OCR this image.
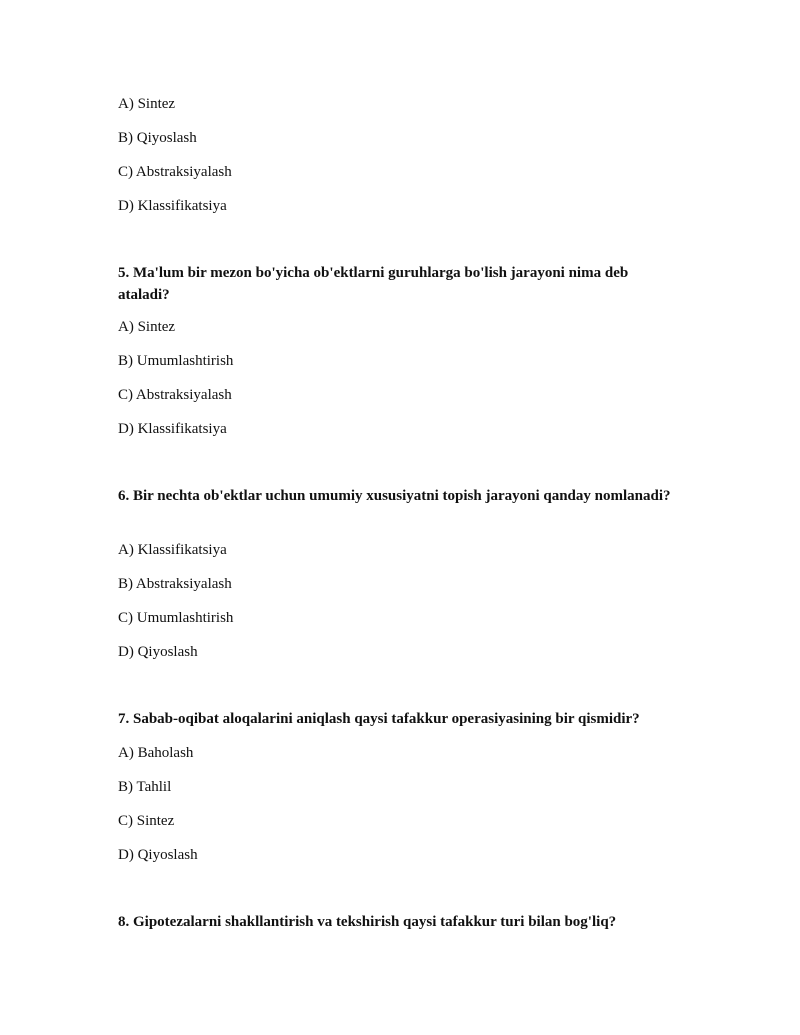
A) Sintez
B) Qiyoslash
C) Abstraksiyalash
D) Klassifikatsiya
5. Ma'lum bir mezon bo'yicha ob'ektlarni guruhlarga bo'lish jarayoni nima deb ataladi?
A) Sintez
B) Umumlashtirish
C) Abstraksiyalash
D) Klassifikatsiya
6. Bir nechta ob'ektlar uchun umumiy xususiyatni topish jarayoni qanday nomlanadi?
A) Klassifikatsiya
B) Abstraksiyalash
C) Umumlashtirish
D) Qiyoslash
7. Sabab-oqibat aloqalarini aniqlash qaysi tafakkur operasiyasining bir qismidir?
A) Baholash
B) Tahlil
C) Sintez
D) Qiyoslash
8. Gipotezalarni shakllantirish va tekshirish qaysi tafakkur turi bilan bog'liq?
